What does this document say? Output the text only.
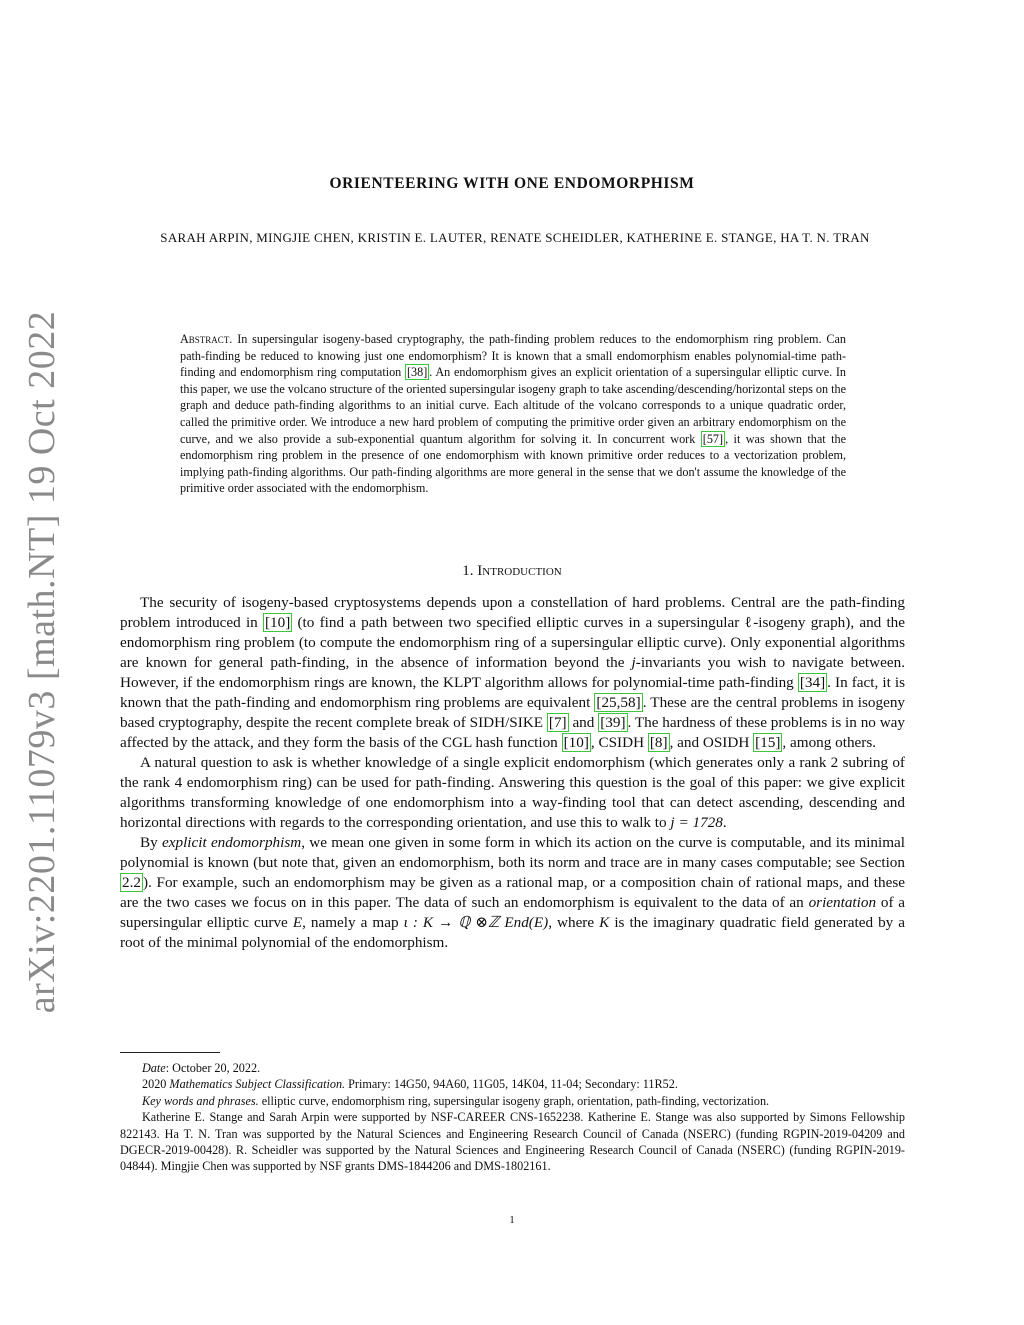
arXiv:2201.11079v3 [math.NT] 19 Oct 2022
ORIENTEERING WITH ONE ENDOMORPHISM
SARAH ARPIN, MINGJIE CHEN, KRISTIN E. LAUTER, RENATE SCHEIDLER, KATHERINE E. STANGE, HA T. N. TRAN
Abstract. In supersingular isogeny-based cryptography, the path-finding problem reduces to the endomorphism ring problem. Can path-finding be reduced to knowing just one endomorphism? It is known that a small endomorphism enables polynomial-time path-finding and endomorphism ring computation [38] . An endomorphism gives an explicit orientation of a supersingular elliptic curve. In this paper, we use the volcano structure of the oriented supersingular isogeny graph to take ascending/descending/horizontal steps on the graph and deduce path-finding algorithms to an initial curve. Each altitude of the volcano corresponds to a unique quadratic order, called the primitive order. We introduce a new hard problem of computing the primitive order given an arbitrary endomorphism on the curve, and we also provide a sub-exponential quantum algorithm for solving it. In concurrent work [57] , it was shown that the endomorphism ring problem in the presence of one endomorphism with known primitive order reduces to a vectorization problem, implying path-finding algorithms. Our path-finding algorithms are more general in the sense that we don't assume the knowledge of the primitive order associated with the endomorphism.
1. Introduction

The security of isogeny-based cryptosystems depends upon a constellation of hard problems. Central are the path-finding problem introduced in [10] (to find a path between two specified elliptic curves in a supersingular ℓ-isogeny graph), and the endomorphism ring problem (to compute the endomorphism ring of a supersingular elliptic curve). Only exponential algorithms are known for general path-finding, in the absence of information beyond the j-invariants you wish to navigate between. However, if the endomorphism rings are known, the KLPT algorithm allows for polynomial-time path-finding [34] . In fact, it is known that the path-finding and endomorphism ring problems are equivalent [25,58] . These are the central problems in isogeny based cryptography, despite the recent complete break of SIDH/SIKE [7] and [39] . The hardness of these problems is in no way affected by the attack, and they form the basis of the CGL hash function [10] , CSIDH [8] , and OSIDH [15] , among others.

A natural question to ask is whether knowledge of a single explicit endomorphism (which generates only a rank 2 subring of the rank 4 endomorphism ring) can be used for path-finding. Answering this question is the goal of this paper: we give explicit algorithms transforming knowledge of one endomorphism into a way-finding tool that can detect ascending, descending and horizontal directions with regards to the corresponding orientation, and use this to walk to j = 1728.

By explicit endomorphism, we mean one given in some form in which its action on the curve is computable, and its minimal polynomial is known (but note that, given an endomorphism, both its norm and trace are in many cases computable; see Section 2.2 ). For example, such an endomorphism may be given as a rational map, or a composition chain of rational maps, and these are the two cases we focus on in this paper. The data of such an endomorphism is equivalent to the data of an orientation of a supersingular elliptic curve E, namely a map ι : K → ℚ ⊗ℤ End(E), where K is the imaginary quadratic field generated by a root of the minimal polynomial of the endomorphism.

Date: October 20, 2022.

2020 Mathematics Subject Classification. Primary: 14G50, 94A60, 11G05, 14K04, 11-04; Secondary: 11R52.

Key words and phrases. elliptic curve, endomorphism ring, supersingular isogeny graph, orientation, path-finding, vectorization.

Katherine E. Stange and Sarah Arpin were supported by NSF-CAREER CNS-1652238. Katherine E. Stange was also supported by Simons Fellowship 822143. Ha T. N. Tran was supported by the Natural Sciences and Engineering Research Council of Canada (NSERC) (funding RGPIN-2019-04209 and DGECR-2019-00428). R. Scheidler was supported by the Natural Sciences and Engineering Research Council of Canada (NSERC) (funding RGPIN-2019-04844). Mingjie Chen was supported by NSF grants DMS-1844206 and DMS-1802161.

1
